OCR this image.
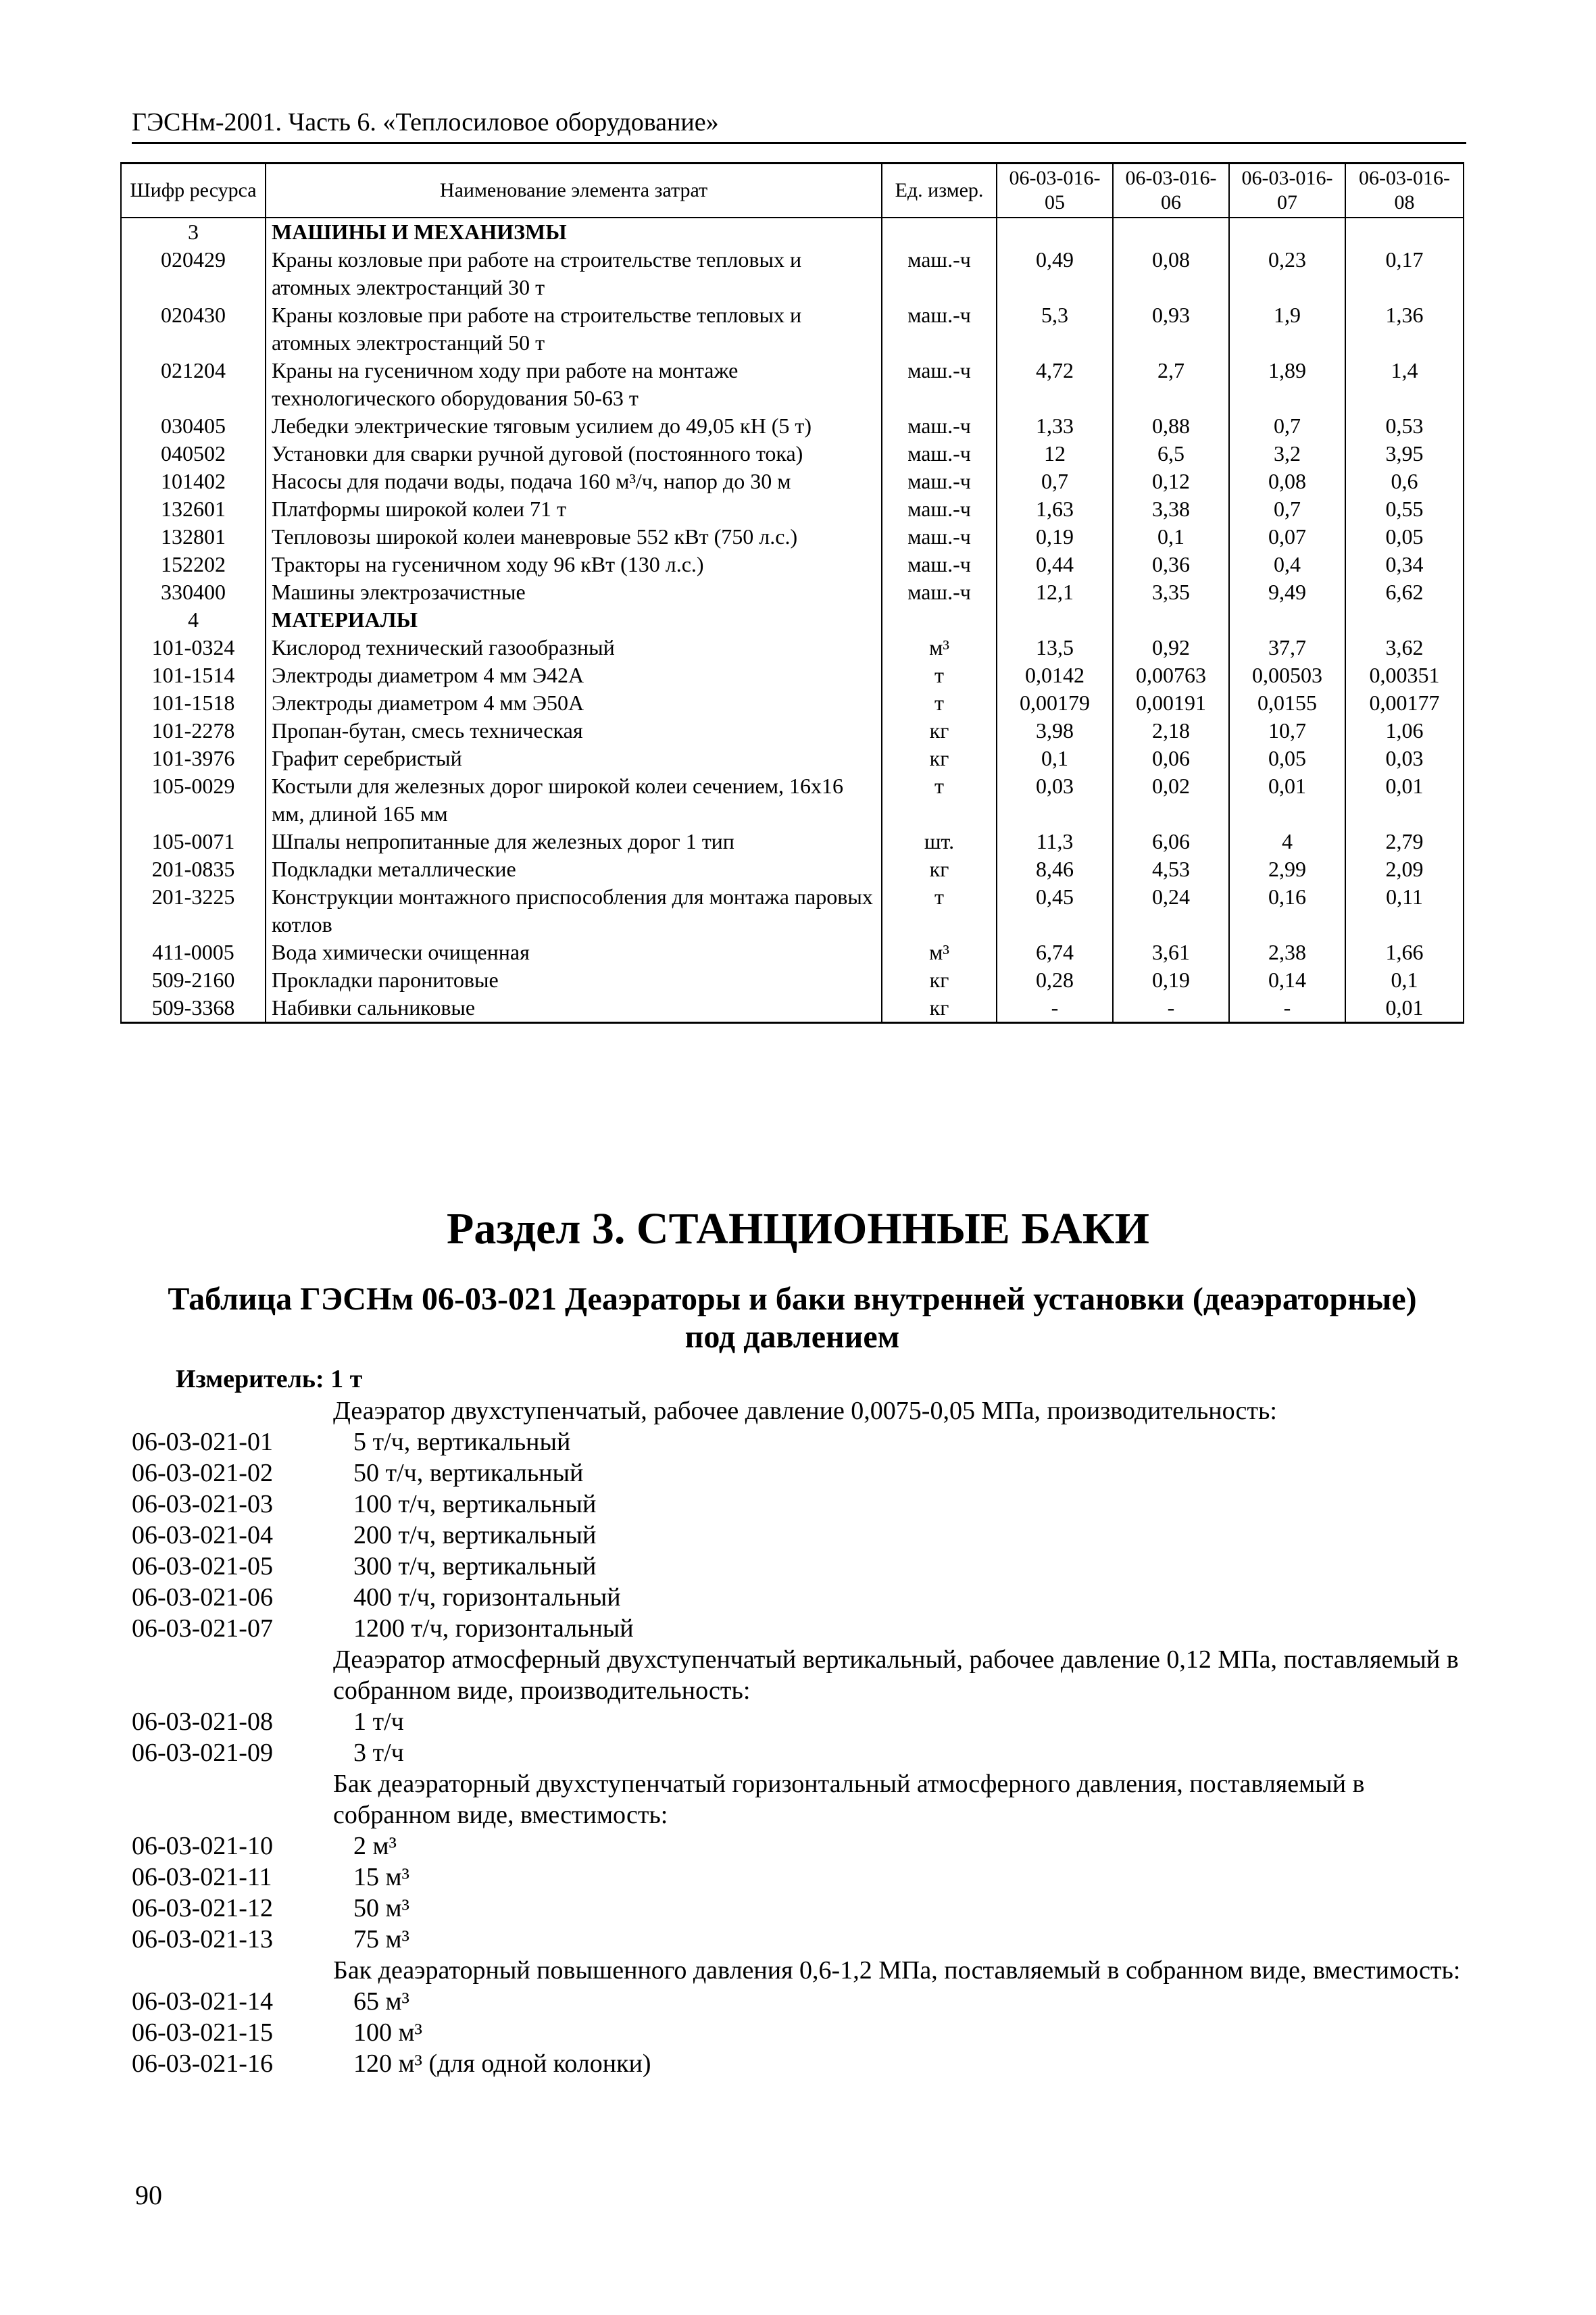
ГЭСНм-2001. Часть 6. «Теплосиловое оборудование»
Шифр ресурса	Наименование элемента затрат	Ед. измер.	06-03-016-05	06-03-016-06	06-03-016-07	06-03-016-08
3	МАШИНЫ И МЕХАНИЗМЫ					
020429	Краны козловые при работе на строительстве тепловых и атомных электростанций 30 т	маш.-ч	0,49	0,08	0,23	0,17
020430	Краны козловые при работе на строительстве тепловых и атомных электростанций 50 т	маш.-ч	5,3	0,93	1,9	1,36
021204	Краны на гусеничном ходу при работе на монтаже технологического оборудования 50-63 т	маш.-ч	4,72	2,7	1,89	1,4
030405	Лебедки электрические тяговым усилием до 49,05 кН (5 т)	маш.-ч	1,33	0,88	0,7	0,53
040502	Установки для сварки ручной дуговой (постоянного тока)	маш.-ч	12	6,5	3,2	3,95
101402	Насосы для подачи воды, подача 160 м³/ч, напор до 30 м	маш.-ч	0,7	0,12	0,08	0,6
132601	Платформы широкой колеи 71 т	маш.-ч	1,63	3,38	0,7	0,55
132801	Тепловозы широкой колеи маневровые 552 кВт (750 л.с.)	маш.-ч	0,19	0,1	0,07	0,05
152202	Тракторы на гусеничном ходу 96 кВт (130 л.с.)	маш.-ч	0,44	0,36	0,4	0,34
330400	Машины электрозачистные	маш.-ч	12,1	3,35	9,49	6,62
4	МАТЕРИАЛЫ					
101-0324	Кислород технический газообразный	м³	13,5	0,92	37,7	3,62
101-1514	Электроды диаметром 4 мм Э42А	т	0,0142	0,00763	0,00503	0,00351
101-1518	Электроды диаметром 4 мм Э50А	т	0,00179	0,00191	0,0155	0,00177
101-2278	Пропан-бутан, смесь техническая	кг	3,98	2,18	10,7	1,06
101-3976	Графит серебристый	кг	0,1	0,06	0,05	0,03
105-0029	Костыли для железных дорог широкой колеи сечением, 16х16 мм, длиной 165 мм	т	0,03	0,02	0,01	0,01
105-0071	Шпалы непропитанные для железных дорог 1 тип	шт.	11,3	6,06	4	2,79
201-0835	Подкладки металлические	кг	8,46	4,53	2,99	2,09
201-3225	Конструкции монтажного приспособления для монтажа паровых котлов	т	0,45	0,24	0,16	0,11
411-0005	Вода химически очищенная	м³	6,74	3,61	2,38	1,66
509-2160	Прокладки паронитовые	кг	0,28	0,19	0,14	0,1
509-3368	Набивки сальниковые	кг	-	-	-	0,01
Раздел 3. СТАНЦИОННЫЕ БАКИ
Таблица ГЭСНм 06-03-021 Деаэраторы и баки внутренней установки (деаэраторные)
под давлением
Измеритель: 1 т
Деаэратор двухступенчатый, рабочее давление 0,0075-0,05 МПа, производительность:
06-03-021-01	5 т/ч, вертикальный
06-03-021-02	50 т/ч, вертикальный
06-03-021-03	100 т/ч, вертикальный
06-03-021-04	200 т/ч, вертикальный
06-03-021-05	300 т/ч, вертикальный
06-03-021-06	400 т/ч, горизонтальный
06-03-021-07	1200 т/ч, горизонтальный
Деаэратор атмосферный двухступенчатый вертикальный, рабочее давление 0,12 МПа, поставляемый в собранном виде, производительность:
06-03-021-08	1 т/ч
06-03-021-09	3 т/ч
Бак деаэраторный двухступенчатый горизонтальный атмосферного давления, поставляемый в собранном виде, вместимость:
06-03-021-10	2 м³
06-03-021-11	15 м³
06-03-021-12	50 м³
06-03-021-13	75 м³
Бак деаэраторный повышенного давления 0,6-1,2 МПа, поставляемый в собранном виде, вместимость:
06-03-021-14	65 м³
06-03-021-15	100 м³
06-03-021-16	120 м³ (для одной колонки)
90
